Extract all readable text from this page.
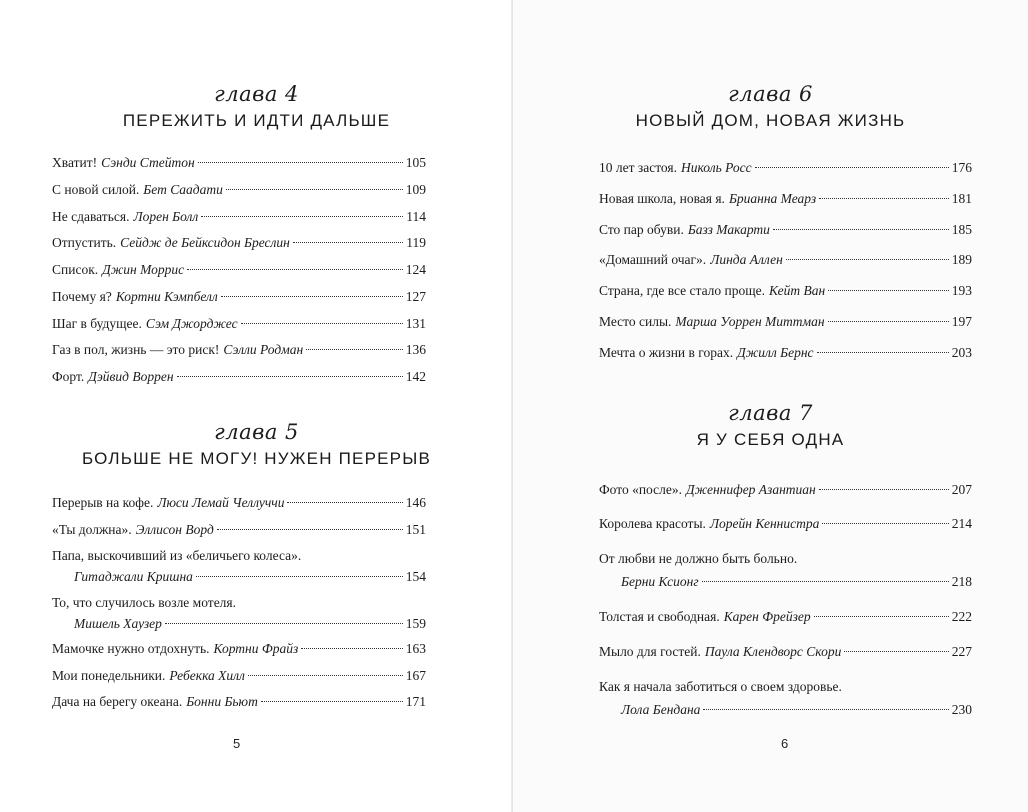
глава 4
ПЕРЕЖИТЬ И ИДТИ ДАЛЬШЕ
Хватит! Сэнди Стейтон	105
С новой силой. Бет Саадати	109
Не сдаваться. Лорен Болл	114
Отпустить. Сейдж де Бейксидон Бреслин	119
Список. Джин Моррис	124
Почему я? Кортни Кэмпбелл	127
Шаг в будущее. Сэм Джорджес	131
Газ в пол, жизнь — это риск! Сэлли Родман	136
Форт. Дэйвид Воррен	142
глава 5
БОЛЬШЕ НЕ МОГУ! НУЖЕН ПЕРЕРЫВ
Перерыв на кофе. Люси Лемай Челлуччи	146
«Ты должна». Эллисон Ворд	151
Папа, выскочивший из «беличьего колеса».
Гитаджали Кришна	154
То, что случилось возле мотеля.
Мишель Хаузер	159
Мамочке нужно отдохнуть. Кортни Фрайз	163
Мои понедельники. Ребекка Хилл	167
Дача на берегу океана. Бонни Бьют	171
5
глава 6
НОВЫЙ ДОМ, НОВАЯ ЖИЗНЬ
10 лет застоя. Николь Росс	176
Новая школа, новая я. Брианна Меарз	181
Сто пар обуви. Базз Макарти	185
«Домашний очаг». Линда Аллен	189
Страна, где все стало проще. Кейт Ван	193
Место силы. Марша Уоррен Миттман	197
Мечта о жизни в горах. Джилл Бернс	203
глава 7
Я У СЕБЯ ОДНА
Фото «после». Дженнифер Азантиан	207
Королева красоты. Лорейн Кеннистра	214
От любви не должно быть больно.
Берни Ксионг	218
Толстая и свободная. Карен Фрейзер	222
Мыло для гостей. Паула Клендворс Скори	227
Как я начала заботиться о своем здоровье.
Лола Бендана	230
6
